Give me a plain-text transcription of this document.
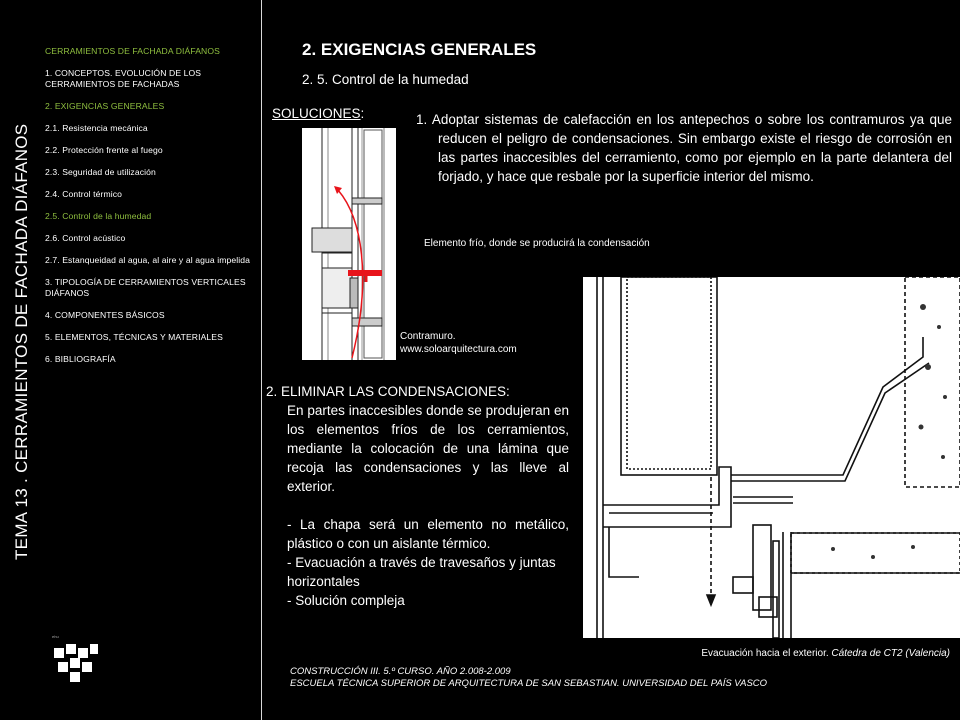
TEMA 13 . CERRAMIENTOS DE FACHADA DIÁFANOS
CERRAMIENTOS DE FACHADA DIÁFANOS
1. CONCEPTOS. EVOLUCIÓN DE LOS CERRAMIENTOS DE FACHADAS
2. EXIGENCIAS GENERALES
2.1. Resistencia mecánica
2.2. Protección frente al fuego
2.3. Seguridad de utilización
2.4. Control térmico
2.5. Control de la humedad
2.6. Control acústico
2.7. Estanqueidad al agua, al aire y al agua impelida
3. TIPOLOGÍA DE CERRAMIENTOS VERTICALES DIÁFANOS
4. COMPONENTES BÁSICOS
5. ELEMENTOS, TÉCNICAS Y MATERIALES
6. BIBLIOGRAFÍA
ehu
2. EXIGENCIAS GENERALES
2. 5. Control de la humedad
SOLUCIONES:	1. Adoptar sistemas de calefacción en los antepechos o sobre los contramuros ya que reducen el peligro de condensaciones. Sin embargo existe el riesgo de corrosión en las partes inaccesibles del cerramiento, como por ejemplo en la parte delantera del forjado, y hace que resbale por la superficie interior del mismo.
Elemento frío, donde se producirá la condensación
Contramuro.
www.soloarquitectura.com
2. ELIMINAR LAS CONDENSACIONES:
En partes inaccesibles donde se produjeran en los elementos fríos de los cerramientos, mediante la colocación de una lámina que recoja las condensaciones y las lleve al exterior.
- La chapa será un elemento no metálico, plástico o con un aislante térmico.
- Evacuación a través de travesaños y juntas horizontales
- Solución compleja
Evacuación hacia el exterior. Cátedra de CT2 (Valencia)
CONSTRUCCIÓN III. 5.º CURSO. AÑO 2.008-2.009
ESCUELA TÉCNICA SUPERIOR DE ARQUITECTURA DE SAN SEBASTIAN. UNIVERSIDAD DEL PAÍS VASCO
